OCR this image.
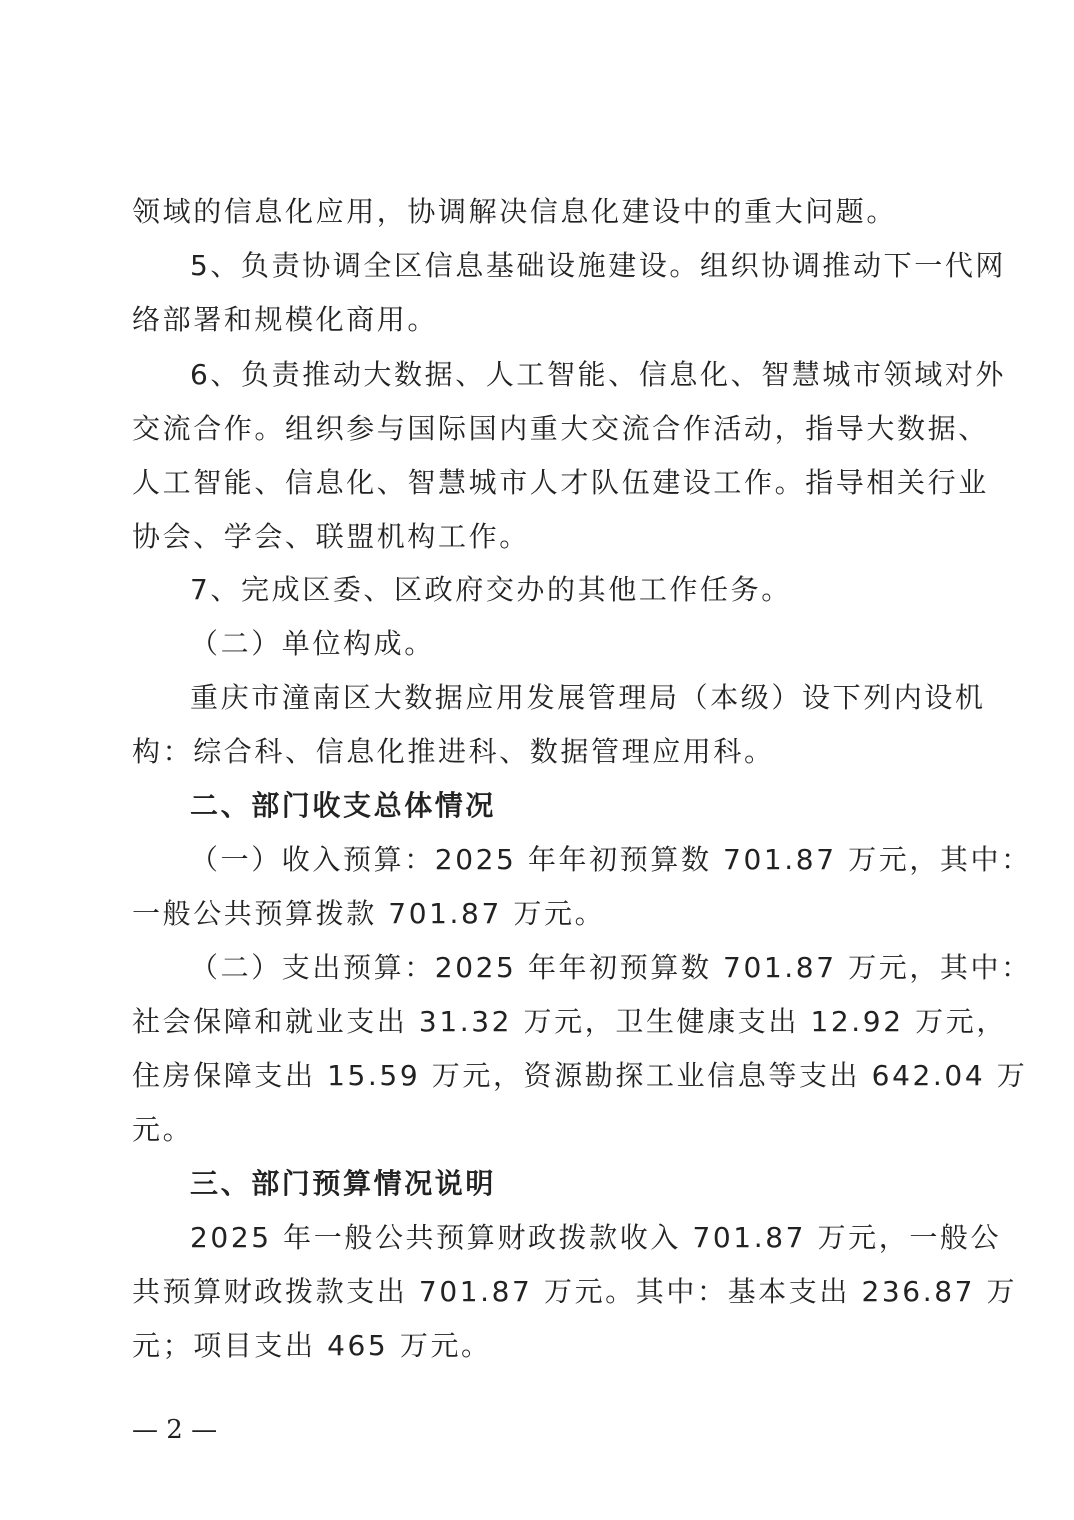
领域的信息化应用，协调解决信息化建设中的重大问题。
5、负责协调全区信息基础设施建设。组织协调推动下一代网
络部署和规模化商用。
6、负责推动大数据、人工智能、信息化、智慧城市领域对外
交流合作。组织参与国际国内重大交流合作活动，指导大数据、
人工智能、信息化、智慧城市人才队伍建设工作。指导相关行业
协会、学会、联盟机构工作。
7、完成区委、区政府交办的其他工作任务。
（二）单位构成。
重庆市潼南区大数据应用发展管理局（本级）设下列内设机
构：综合科、信息化推进科、数据管理应用科。
二、部门收支总体情况
（一）收入预算：2025 年年初预算数 701.87 万元，其中：
一般公共预算拨款 701.87 万元。
（二）支出预算：2025 年年初预算数 701.87 万元，其中：
社会保障和就业支出 31.32 万元，卫生健康支出 12.92 万元，
住房保障支出 15.59 万元，资源勘探工业信息等支出 642.04 万
元。
三、部门预算情况说明
2025 年一般公共预算财政拨款收入 701.87 万元，一般公
共预算财政拨款支出 701.87 万元。其中：基本支出 236.87 万
元；项目支出 465 万元。
— 2 —
